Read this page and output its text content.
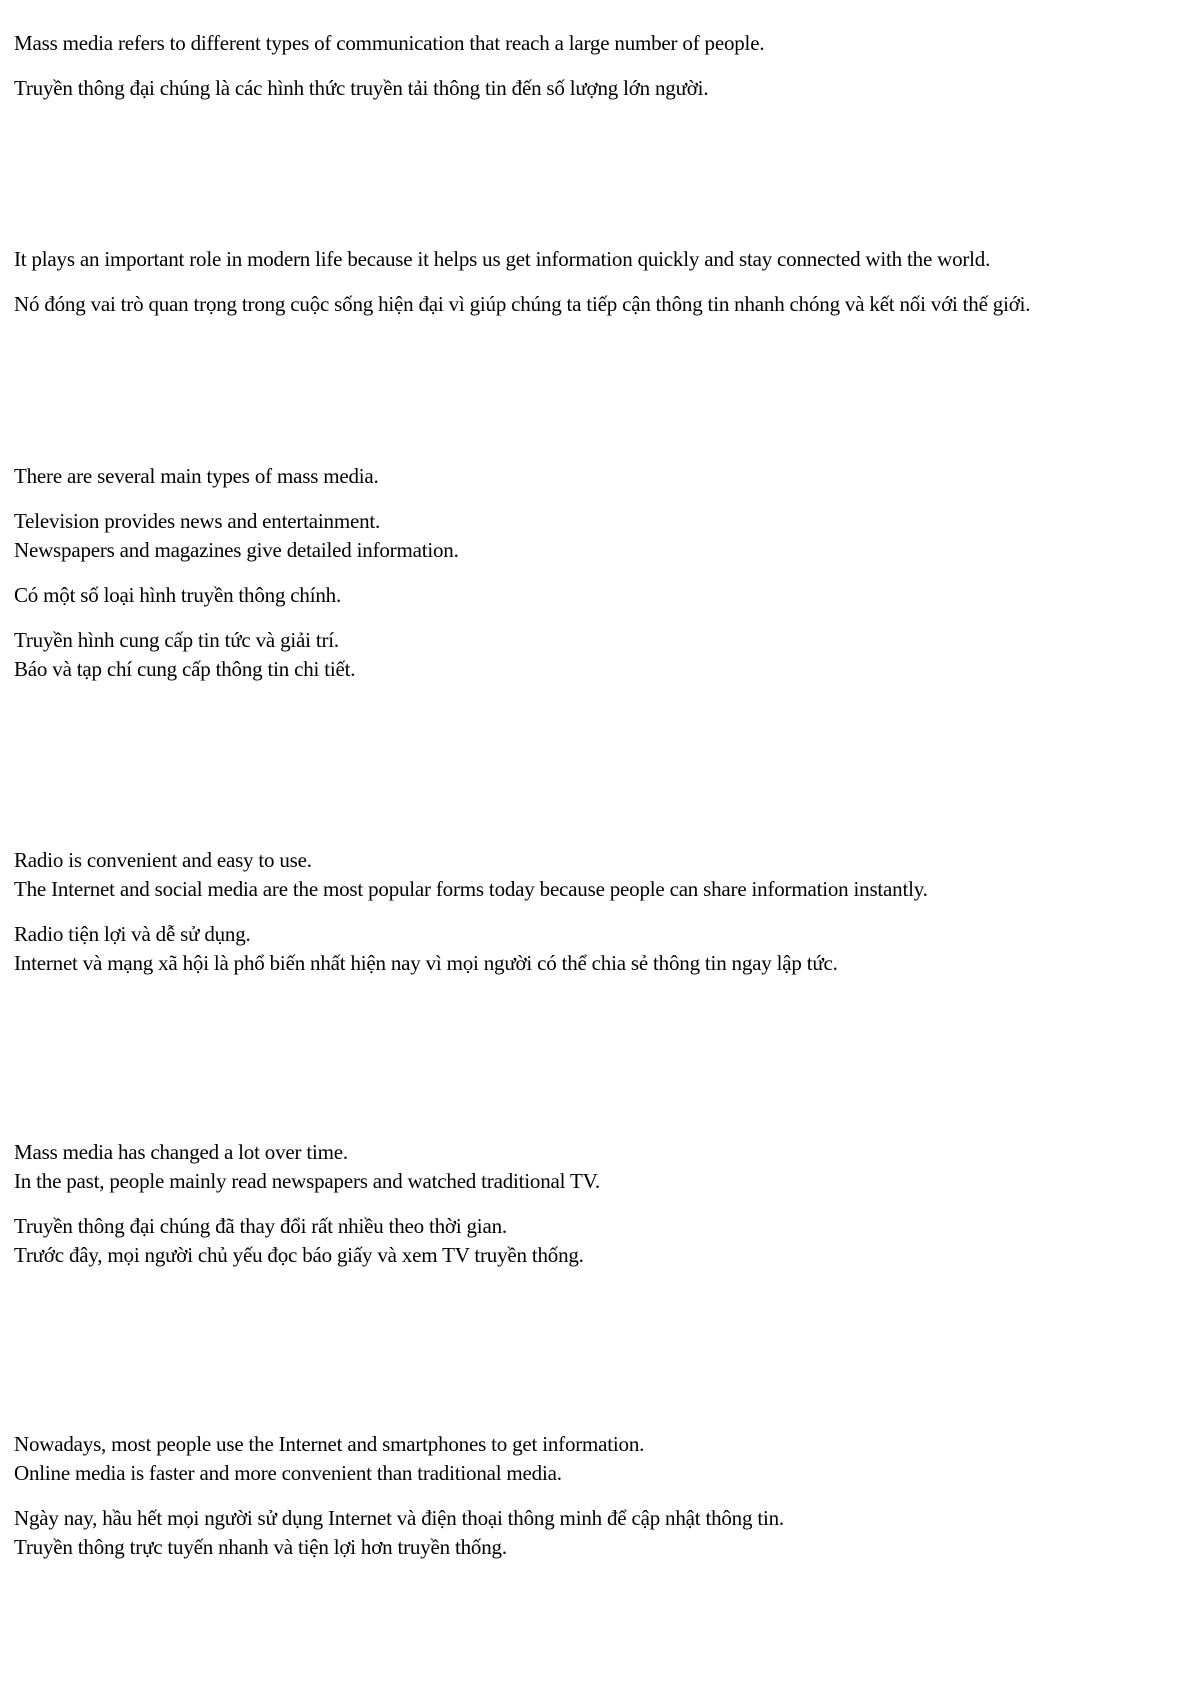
Mass media refers to different types of communication that reach a large number of people.

Truyền thông đại chúng là các hình thức truyền tải thông tin đến số lượng lớn người.

It plays an important role in modern life because it helps us get information quickly and stay connected with the world.

Nó đóng vai trò quan trọng trong cuộc sống hiện đại vì giúp chúng ta tiếp cận thông tin nhanh chóng và kết nối với thế giới.

There are several main types of mass media.

Television provides news and entertainment.
Newspapers and magazines give detailed information.

Có một số loại hình truyền thông chính.

Truyền hình cung cấp tin tức và giải trí.
Báo và tạp chí cung cấp thông tin chi tiết.

Radio is convenient and easy to use.
The Internet and social media are the most popular forms today because people can share information instantly.

Radio tiện lợi và dễ sử dụng.
Internet và mạng xã hội là phổ biến nhất hiện nay vì mọi người có thể chia sẻ thông tin ngay lập tức.

Mass media has changed a lot over time.
In the past, people mainly read newspapers and watched traditional TV.

Truyền thông đại chúng đã thay đổi rất nhiều theo thời gian.
Trước đây, mọi người chủ yếu đọc báo giấy và xem TV truyền thống.

Nowadays, most people use the Internet and smartphones to get information.
Online media is faster and more convenient than traditional media.

Ngày nay, hầu hết mọi người sử dụng Internet và điện thoại thông minh để cập nhật thông tin.
Truyền thông trực tuyến nhanh và tiện lợi hơn truyền thống.
